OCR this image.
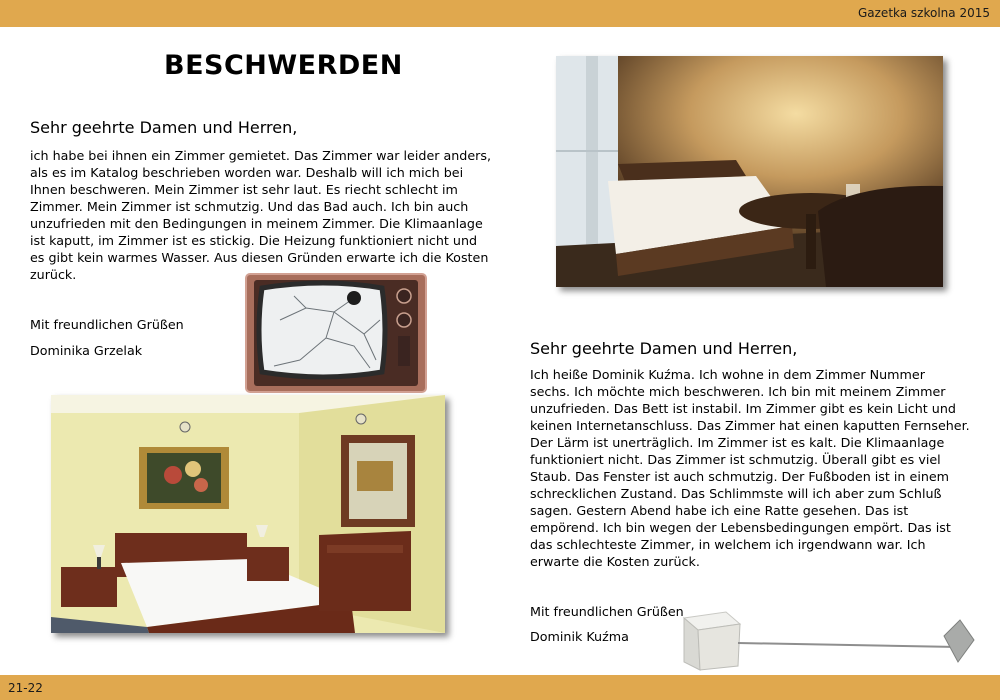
Gazetka szkolna 2015
BESCHWERDEN
Sehr geehrte Damen und Herren,
ich habe bei ihnen ein Zimmer gemietet. Das Zimmer war leider anders,
als es im Katalog beschrieben worden war. Deshalb will ich mich bei
Ihnen beschweren. Mein Zimmer ist sehr laut. Es riecht schlecht im
Zimmer. Mein Zimmer ist schmutzig. Und das Bad auch. Ich bin auch
unzufrieden mit den Bedingungen in meinem Zimmer. Die Klimaanlage
ist kaputt, im Zimmer ist es stickig. Die Heizung funktioniert nicht und
es gibt kein warmes Wasser. Aus diesen Gründen erwarte ich die Kosten
zurück.
Mit freundlichen Grüßen
Dominika Grzelak	Sehr geehrte Damen und Herren,
Ich heiße Dominik Kuźma. Ich wohne in dem Zimmer Nummer
sechs. Ich möchte mich beschweren. Ich bin mit meinem Zimmer
unzufrieden. Das Bett ist instabil. Im Zimmer gibt es kein Licht und
keinen Internetanschluss. Das Zimmer hat einen kaputten Fernseher.
Der Lärm ist unerträglich. Im Zimmer ist es kalt. Die Klimaanlage
funktioniert nicht. Das Zimmer ist schmutzig. Überall gibt es viel
Staub. Das Fenster ist auch schmutzig. Der Fußboden ist in einem
schrecklichen Zustand. Das Schlimmste will ich aber zum Schluß
sagen. Gestern Abend habe ich eine Ratte gesehen. Das ist
empörend. Ich bin wegen der Lebensbedingungen empört. Das ist
das schlechteste Zimmer, in welchem ich irgendwann war. Ich
erwarte die Kosten zurück.
Mit freundlichen Grüßen
Dominik Kuźma
21-22
